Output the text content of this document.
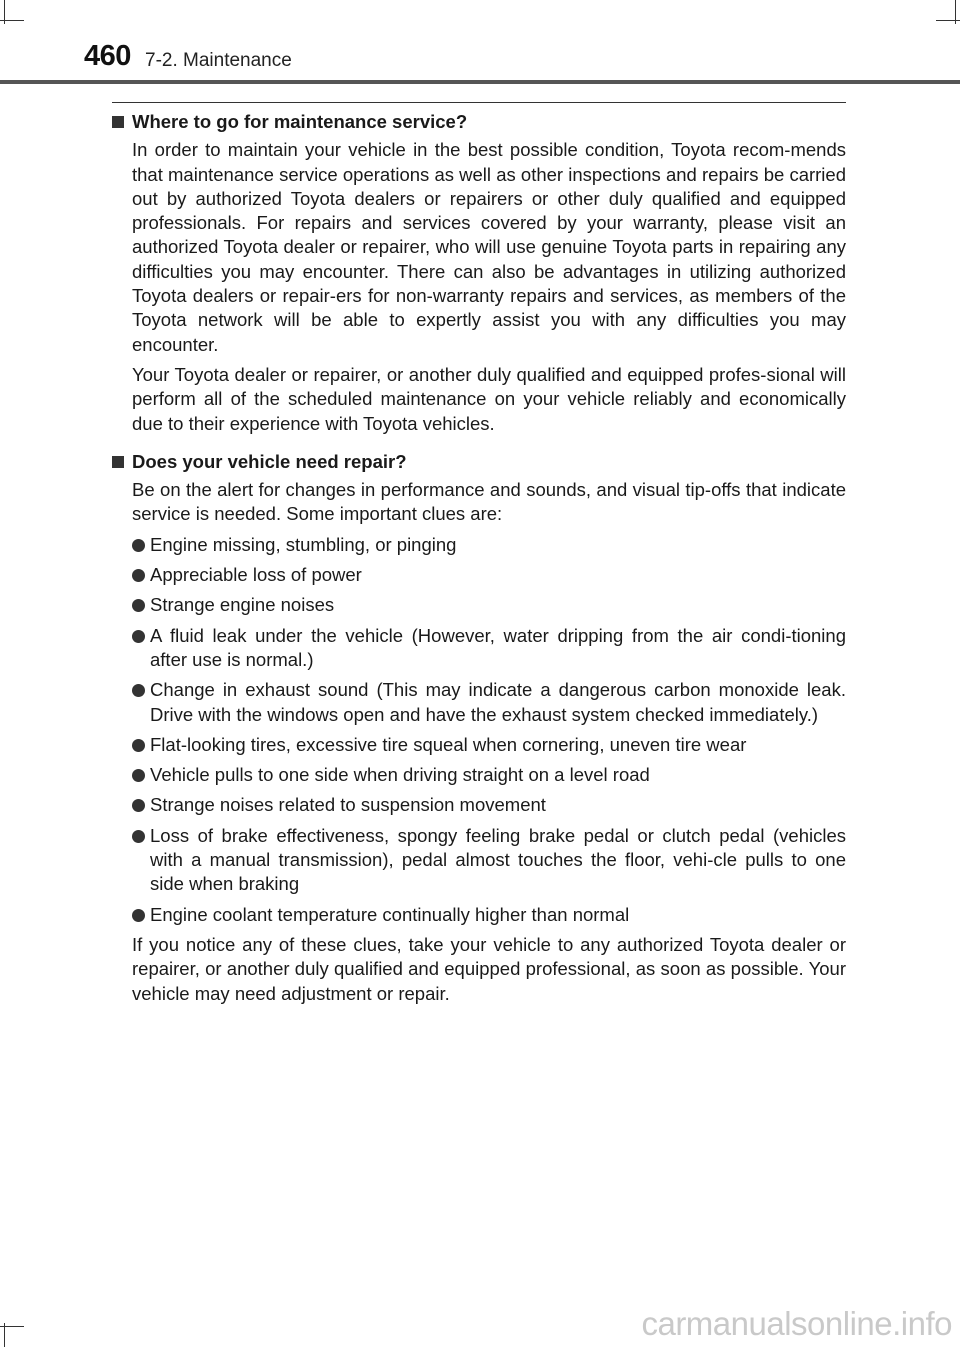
460 7-2. Maintenance
Where to go for maintenance service?

In order to maintain your vehicle in the best possible condition, Toyota recom-mends that maintenance service operations as well as other inspections and repairs be carried out by authorized Toyota dealers or repairers or other duly qualified and equipped professionals. For repairs and services covered by your warranty, please visit an authorized Toyota dealer or repairer, who will use genuine Toyota parts in repairing any difficulties you may encounter. There can also be advantages in utilizing authorized Toyota dealers or repair-ers for non-warranty repairs and services, as members of the Toyota network will be able to expertly assist you with any difficulties you may encounter.

Your Toyota dealer or repairer, or another duly qualified and equipped profes-sional will perform all of the scheduled maintenance on your vehicle reliably and economically due to their experience with Toyota vehicles.

Does your vehicle need repair?

Be on the alert for changes in performance and sounds, and visual tip-offs that indicate service is needed. Some important clues are:

Engine missing, stumbling, or pinging
Appreciable loss of power
Strange engine noises
A fluid leak under the vehicle (However, water dripping from the air condi-tioning after use is normal.)
Change in exhaust sound (This may indicate a dangerous carbon monoxide leak. Drive with the windows open and have the exhaust system checked immediately.)
Flat-looking tires, excessive tire squeal when cornering, uneven tire wear
Vehicle pulls to one side when driving straight on a level road
Strange noises related to suspension movement
Loss of brake effectiveness, spongy feeling brake pedal or clutch pedal (vehicles with a manual transmission), pedal almost touches the floor, vehi-cle pulls to one side when braking
Engine coolant temperature continually higher than normal

If you notice any of these clues, take your vehicle to any authorized Toyota dealer or repairer, or another duly qualified and equipped professional, as soon as possible. Your vehicle may need adjustment or repair.

carmanualsonline.info
